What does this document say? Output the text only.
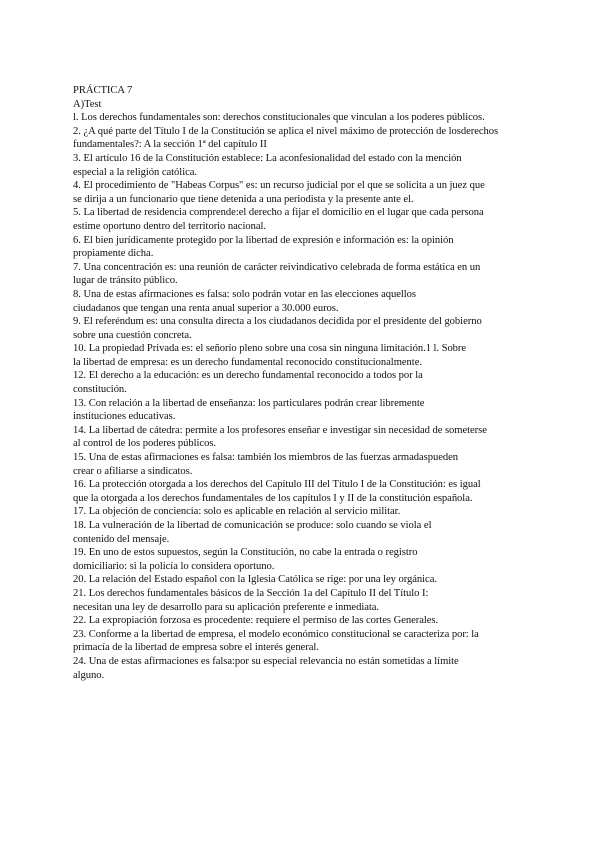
PRÁCTICA 7
A)Test
l. Los derechos fundamentales son: derechos constitucionales que vinculan a los poderes públicos.
2. ¿A qué parte del Título I de la Constitución se aplica el nivel máximo de protección de losderechos
fundamentales?: A la sección 1ª del capítulo II
3. El artículo 16 de la Constitución establece: La aconfesionalidad del estado con la mención
especial a la religión católica.
4. El procedimiento de "Habeas Corpus" es: un recurso judicial por el que se solicita a un juez que
se dirija a un funcionario que tiene detenida a una periodista y la presente ante el.
5. La libertad de residencia comprende:el derecho a fijar el domicilio en el lugar que cada persona
estime oportuno dentro del territorio nacional.
6. El bien jurídicamente protegido por la libertad de expresión e información es: la opinión
propiamente dicha.
7. Una concentración es: una reunión de carácter reivindicativo celebrada de forma estática en un
lugar de tránsito público.
8. Una de estas afirmaciones es falsa: solo podrán votar en las elecciones aquellos
ciudadanos que tengan una renta anual superior a 30.000 euros.
9. El referéndum es: una consulta directa a los ciudadanos decidida por el presidente del gobierno
sobre una cuestión concreta.
10. La propiedad Privada es: el señorío pleno sobre una cosa sin ninguna limitación.1 l. Sobre
la libertad de empresa: es un derecho fundamental reconocido constitucionalmente.
12. El derecho a la educación: es un derecho fundamental reconocido a todos por la
constitución.
13. Con relación a la libertad de enseñanza: los particulares podrán crear libremente
instituciones educativas.
14. La libertad de cátedra: permite a los profesores enseñar e investigar sin necesidad de someterse
al control de los poderes públicos.
15. Una de estas afirmaciones es falsa: también los miembros de las fuerzas armadaspueden
crear o afiliarse a sindicatos.
16. La protección otorgada a los derechos del Capítulo III del Título I de la Constitución: es igual
que la otorgada a los derechos fundamentales de los capítulos I y II de la constitución española.
17. La objeción de conciencia: solo es aplicable en relación al servicio militar.
18. La vulneración de la libertad de comunicación se produce: solo cuando se viola el
contenido del mensaje.
19. En uno de estos supuestos, según la Constitución, no cabe la entrada o registro
domiciliario: si la policía lo considera oportuno.
20. La relación del Estado español con la Iglesia Católica se rige: por una ley orgánica.
21. Los derechos fundamentales básicos de la Sección 1a del Capítulo II del Título I:
necesitan una ley de desarrollo para su aplicación preferente e inmediata.
22. La expropiación forzosa es procedente: requiere el permiso de las cortes Generales.
23. Conforme a la libertad de empresa, el modelo económico constitucional se caracteriza por: la
primacía de la libertad de empresa sobre el interés general.
24. Una de estas afirmaciones es falsa:por su especial relevancia no están sometidas a límite
alguno.
